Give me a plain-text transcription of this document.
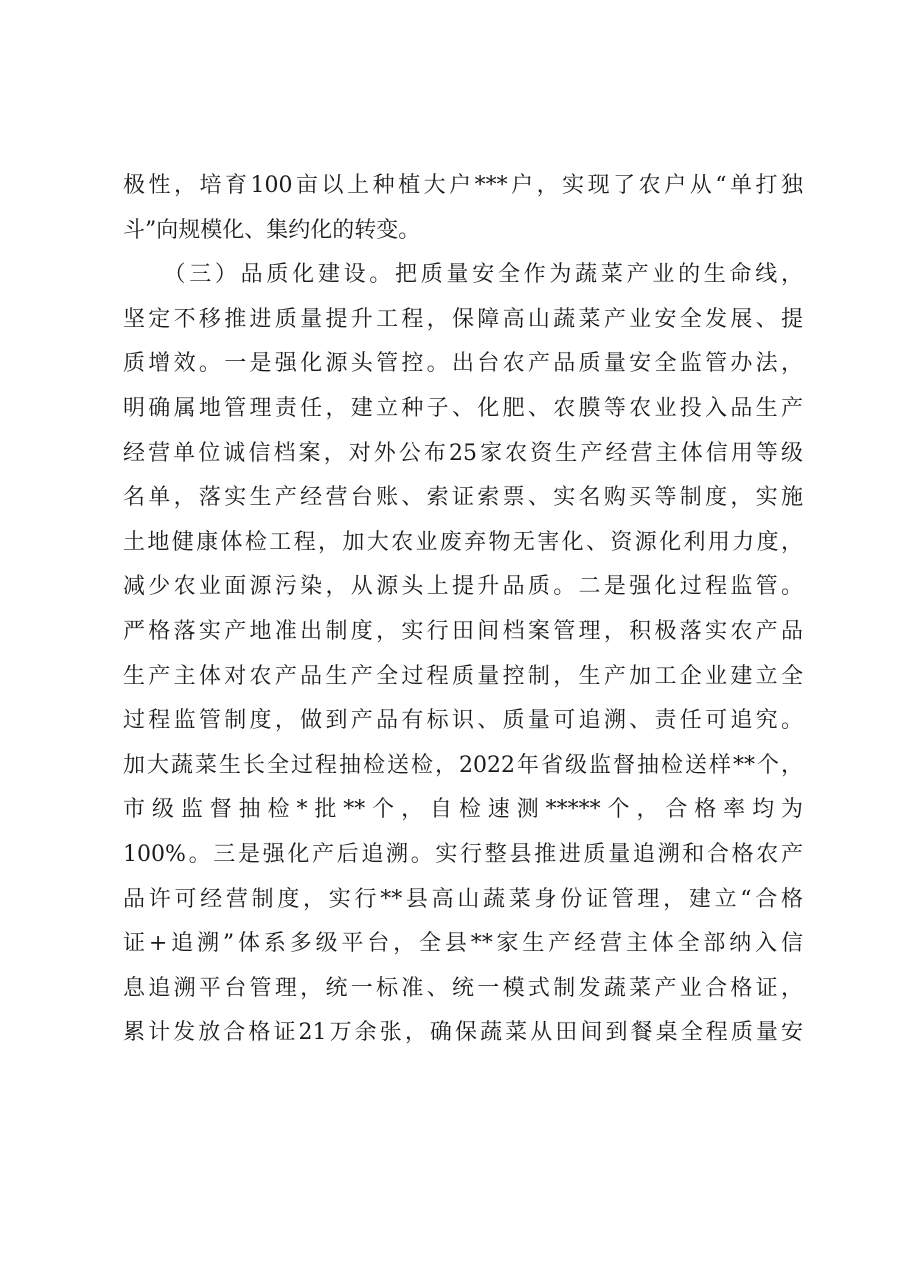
极性，培育100亩以上种植大户***户，实现了农户从“单打独
斗”向规模化、集约化的转变。
　　（三）品质化建设。把质量安全作为蔬菜产业的生命线，
坚定不移推进质量提升工程，保障高山蔬菜产业安全发展、提
质增效。一是强化源头管控。出台农产品质量安全监管办法，
明确属地管理责任，建立种子、化肥、农膜等农业投入品生产
经营单位诚信档案，对外公布25家农资生产经营主体信用等级
名单，落实生产经营台账、索证索票、实名购买等制度，实施
土地健康体检工程，加大农业废弃物无害化、资源化利用力度，
减少农业面源污染，从源头上提升品质。二是强化过程监管。
严格落实产地准出制度，实行田间档案管理，积极落实农产品
生产主体对农产品生产全过程质量控制，生产加工企业建立全
过程监管制度，做到产品有标识、质量可追溯、责任可追究。
加大蔬菜生长全过程抽检送检，2022年省级监督抽检送样**个，
市级监督抽检*批**个，自检速测*****个，合格率均为
100%。三是强化产后追溯。实行整县推进质量追溯和合格农产
品许可经营制度，实行**县高山蔬菜身份证管理，建立“合格
证+追溯”体系多级平台，全县**家生产经营主体全部纳入信
息追溯平台管理，统一标准、统一模式制发蔬菜产业合格证，
累计发放合格证21万余张，确保蔬菜从田间到餐桌全程质量安
